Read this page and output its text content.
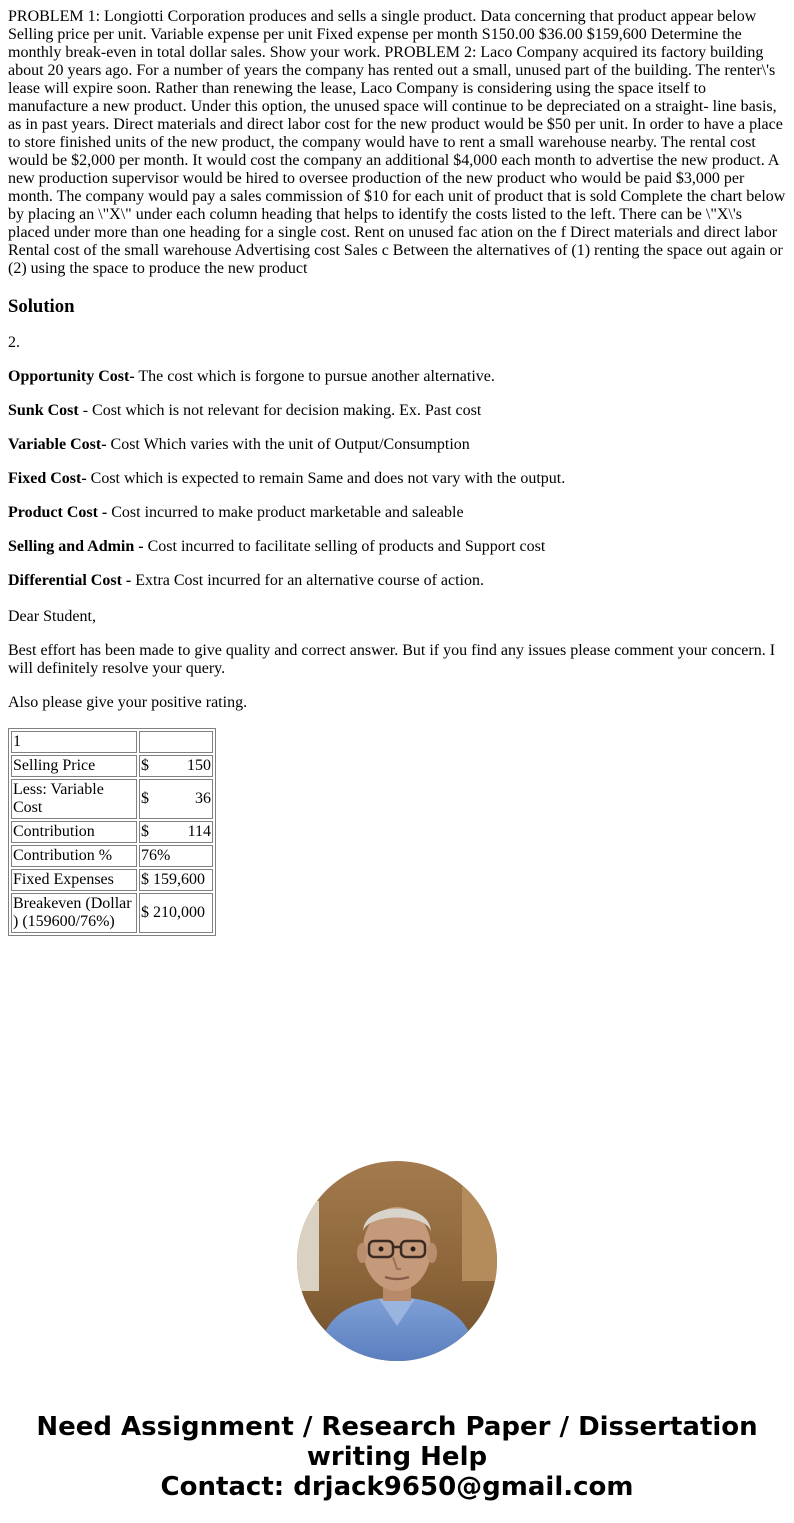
PROBLEM 1: Longiotti Corporation produces and sells a single product. Data concerning that product appear below Selling price per unit. Variable expense per unit Fixed expense per month S150.00 $36.00 $159,600 Determine the monthly break-even in total dollar sales. Show your work. PROBLEM 2: Laco Company acquired its factory building about 20 years ago. For a number of years the company has rented out a small, unused part of the building. The renter\'s lease will expire soon. Rather than renewing the lease, Laco Company is considering using the space itself to manufacture a new product. Under this option, the unused space will continue to be depreciated on a straight- line basis, as in past years. Direct materials and direct labor cost for the new product would be $50 per unit. In order to have a place to store finished units of the new product, the company would have to rent a small warehouse nearby. The rental cost would be $2,000 per month. It would cost the company an additional $4,000 each month to advertise the new product. A new production supervisor would be hired to oversee production of the new product who would be paid $3,000 per month. The company would pay a sales commission of $10 for each unit of product that is sold Complete the chart below by placing an \"X\" under each column heading that helps to identify the costs listed to the left. There can be \"X\'s placed under more than one heading for a single cost. Rent on unused fac ation on the f Direct materials and direct labor Rental cost of the small warehouse Advertising cost Sales c Between the alternatives of (1) renting the space out again or (2) using the space to produce the new product
Solution

2.

Opportunity Cost- The cost which is forgone to pursue another alternative.

Sunk Cost - Cost which is not relevant for decision making. Ex. Past cost

Variable Cost- Cost Which varies with the unit of Output/Consumption

Fixed Cost- Cost which is expected to remain Same and does not vary with the output.

Product Cost - Cost incurred to make product marketable and saleable

Selling and Admin - Cost incurred to facilitate selling of products and Support cost

Differential Cost - Extra Cost incurred for an alternative course of action.

Dear Student,

Best effort has been made to give quality and correct answer. But if you find any issues please comment your concern. I will definitely resolve your query.

Also please give your positive rating.

1	
Selling Price	$ 150

Less: Variable Cost	$ 36

Contribution	$ 114

Contribution %	76%
Fixed Expenses	$ 159,600
Breakeven (Dollar ) (159600/76%)	$ 210,000
Need Assignment / Research Paper / Dissertation
writing Help
Contact: drjack9650@gmail.com
